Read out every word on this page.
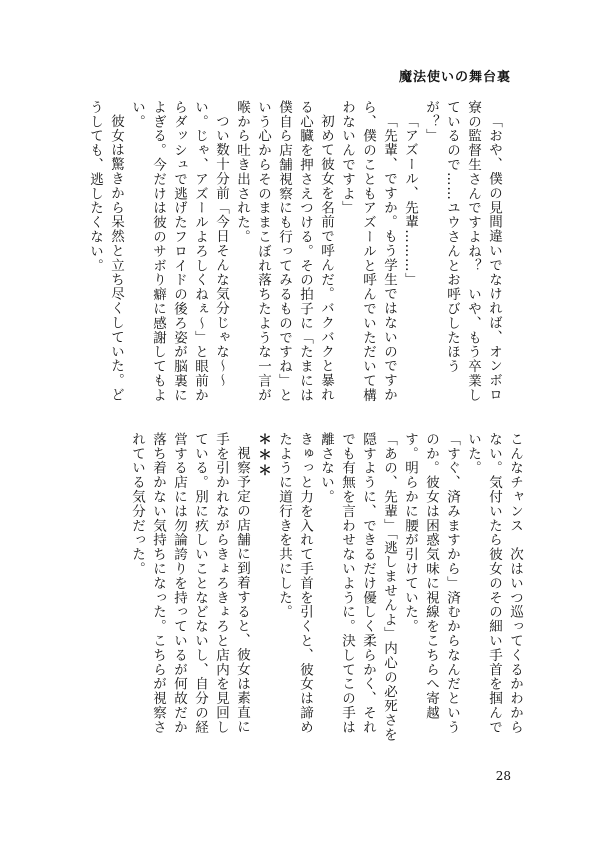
魔法使いの舞台裏

「おや、僕の見間違いでなければ、オンボロ寮の監督生さんですよね？　いや、もう卒業しているので……ユウさんとお呼びしたほうが？」

「アズール、先輩………」

「先輩、ですか。もう学生ではないのですから、僕のこともアズールと呼んでいただいて構わないんですよ」

初めて彼女を名前で呼んだ。バクバクと暴れる心臓を押さえつける。その拍子に「たまには僕自ら店舗視察にも行ってみるものですね」という心からそのままこぼれ落ちたような一言が喉から吐き出された。

つい数十分前「今日そんな気分じゃな〜〜い。じゃ、アズールよろしくねぇ〜」と眼前からダッシュで逃げたフロイドの後ろ姿が脳裏によぎる。今だけは彼のサボり癖に感謝してもよい。

彼女は驚きから呆然と立ち尽くしていた。どうしても、逃したくない。

こんなチャンス　次はいつ巡ってくるかわからない。気付いたら彼女のその細い手首を掴んでいた。

「すぐ、済みますから」済むからなんだというのか。彼女は困惑気味に視線をこちらへ寄越す。明らかに腰が引けていた。

「あの、先輩」「逃しませんよ」内心の必死さを隠すように、できるだけ優しく柔らかく、それでも有無を言わせないように。決してこの手は離さない。

きゅっと力を入れて手首を引くと、彼女は諦めたように道行きを共にした。

＊＊＊

視察予定の店舗に到着すると、彼女は素直に手を引かれながらきょろきょろと店内を見回している。別に疚しいことなどないし、自分の経営する店には勿論誇りを持っているが何故だか落ち着かない気持ちになった。こちらが視察されている気分だった。

28
